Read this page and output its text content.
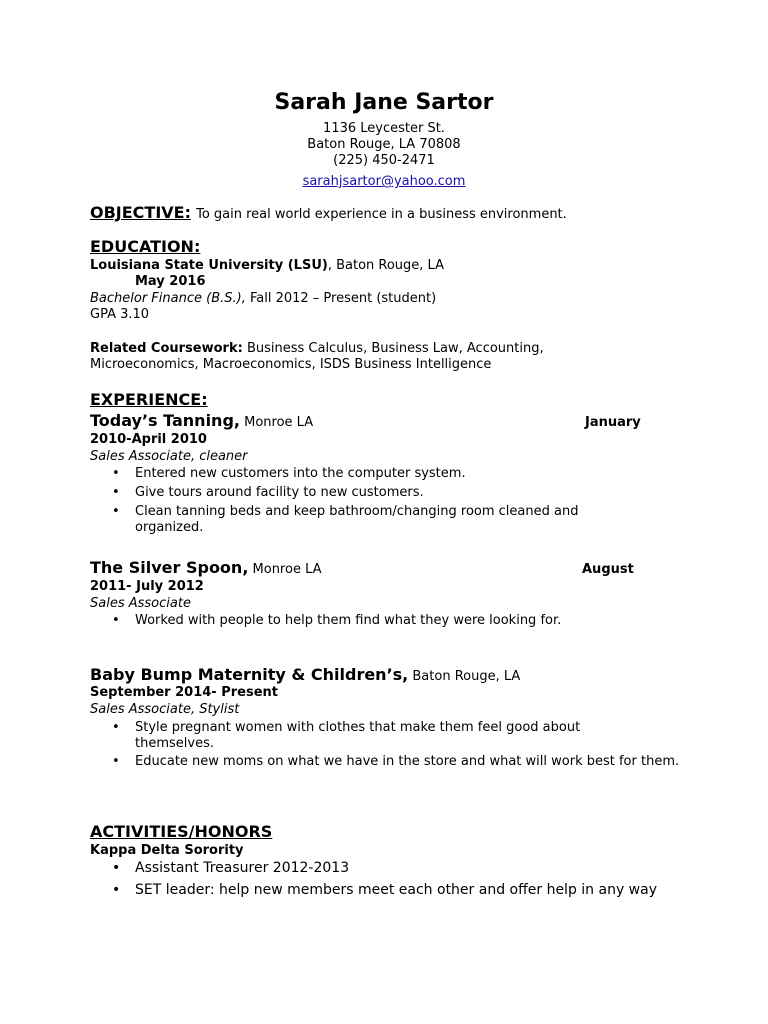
Sarah Jane Sartor
1136 Leycester St.
Baton Rouge, LA 70808
(225) 450-2471
sarahjsartor@yahoo.com
OBJECTIVE: To gain real world experience in a business environment.
EDUCATION:
Louisiana State University (LSU), Baton Rouge, LA
May 2016
Bachelor Finance (B.S.), Fall 2012 – Present (student)
GPA 3.10
Related Coursework: Business Calculus, Business Law, Accounting,
Microeconomics, Macroeconomics, ISDS Business Intelligence
EXPERIENCE:
Today’s Tanning, Monroe LA	January
2010-April 2010
Sales Associate, cleaner
• Entered new customers into the computer system.
• Give tours around facility to new customers.
• Clean tanning beds and keep bathroom/changing room cleaned and organized.
The Silver Spoon, Monroe LA	August
2011- July 2012
Sales Associate
• Worked with people to help them find what they were looking for.
Baby Bump Maternity & Children’s, Baton Rouge, LA
September 2014- Present
Sales Associate, Stylist
• Style pregnant women with clothes that make them feel good about themselves.
• Educate new moms on what we have in the store and what will work best for them.
ACTIVITIES/HONORS
Kappa Delta Sorority
• Assistant Treasurer 2012-2013
• SET leader: help new members meet each other and offer help in any way
